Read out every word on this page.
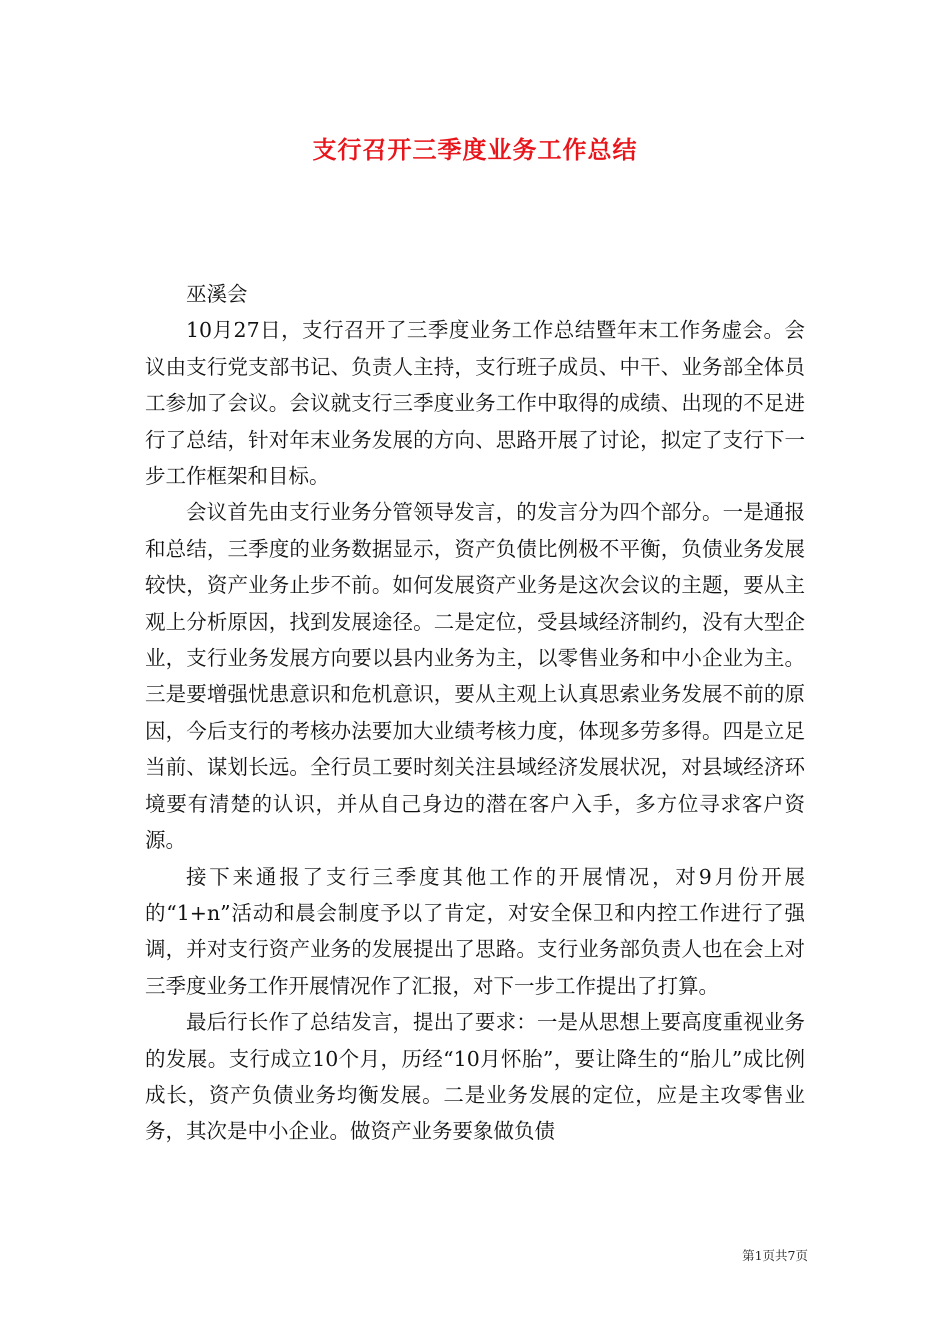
支行召开三季度业务工作总结

巫溪会

10月27日，支行召开了三季度业务工作总结暨年末工作务虚会。会议由支行党支部书记、负责人主持，支行班子成员、中干、业务部全体员工参加了会议。会议就支行三季度业务工作中取得的成绩、出现的不足进行了总结，针对年末业务发展的方向、思路开展了讨论，拟定了支行下一步工作框架和目标。

会议首先由支行业务分管领导发言，的发言分为四个部分。一是通报和总结，三季度的业务数据显示，资产负债比例极不平衡，负债业务发展较快，资产业务止步不前。如何发展资产业务是这次会议的主题，要从主观上分析原因，找到发展途径。二是定位，受县域经济制约，没有大型企业，支行业务发展方向要以县内业务为主，以零售业务和中小企业为主。三是要增强忧患意识和危机意识，要从主观上认真思索业务发展不前的原因，今后支行的考核办法要加大业绩考核力度，体现多劳多得。四是立足当前、谋划长远。全行员工要时刻关注县域经济发展状况，对县域经济环境要有清楚的认识，并从自己身边的潜在客户入手，多方位寻求客户资源。

接下来通报了支行三季度其他工作的开展情况，对9月份开展的“1+n”活动和晨会制度予以了肯定，对安全保卫和内控工作进行了强调，并对支行资产业务的发展提出了思路。支行业务部负责人也在会上对三季度业务工作开展情况作了汇报，对下一步工作提出了打算。

最后行长作了总结发言，提出了要求：一是从思想上要高度重视业务的发展。支行成立10个月，历经“10月怀胎”，要让降生的“胎儿”成比例成长，资产负债业务均衡发展。二是业务发展的定位，应是主攻零售业务，其次是中小企业。做资产业务要象做负债

第1页共7页
